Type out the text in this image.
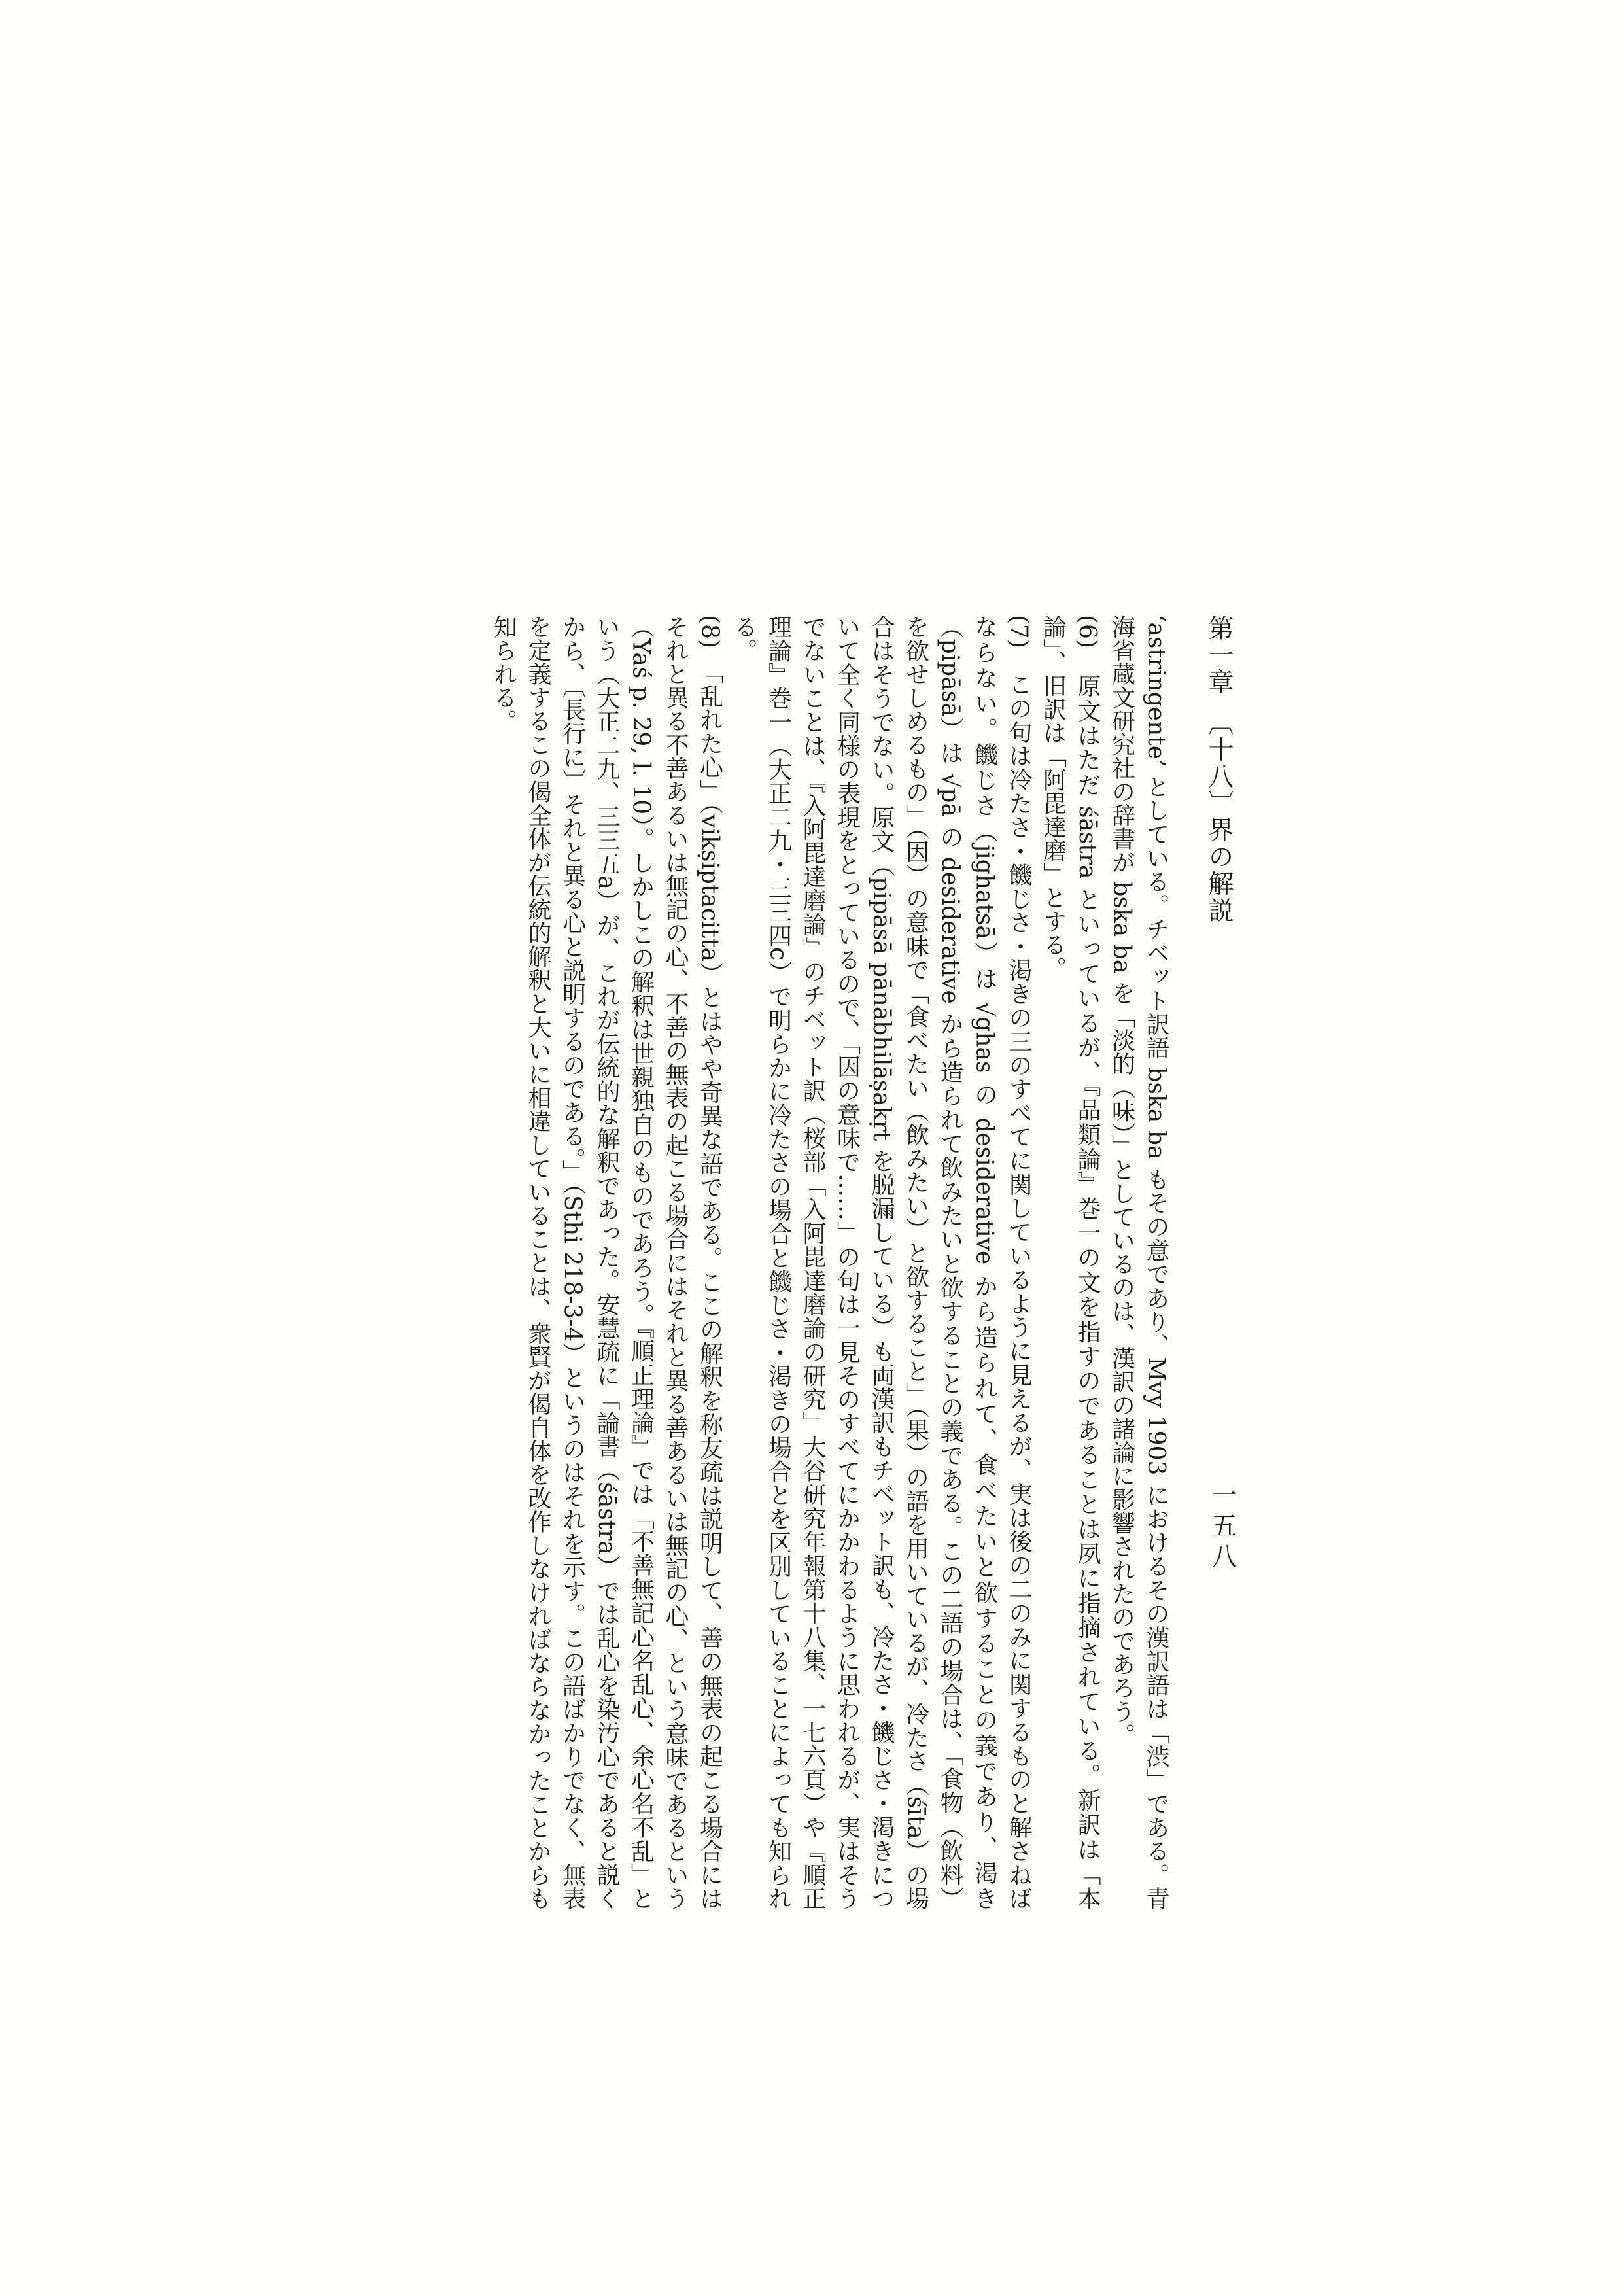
第一章　〔十八〕界の解説
一五八

‘astringente’ としている。チベット訳語 bska ba もその意であり、Mvy 1903 におけるその漢訳語は「渋」である。青海省蔵文研究社の辞書が bska ba を「淡的（味）」としているのは、漢訳の諸論に影響されたのであろう。

(6)　原文はただ śāstra といっているが、『品類論』巻一の文を指すのであることは夙に指摘されている。新訳は「本論」、旧訳は「阿毘達磨」とする。

(7)　この句は冷たさ・饑じさ・渇きの三のすべてに関しているように見えるが、実は後の二のみに関するものと解さねばならない。饑じさ（jighatsā）は √ghas の desiderative から造られて、食べたいと欲することの義であり、渇き（pipāsā）は √pā の desiderative から造られて飲みたいと欲することの義である。この二語の場合は、「食物（飲料）を欲せしめるもの」（因）の意味で「食べたい（飲みたい）と欲すること」（果）の語を用いているが、冷たさ（śīta）の場合はそうでない。原文（pipāsā pānābhilāṣakṛt を脱漏している）も両漢訳もチベット訳も、冷たさ・饑じさ・渇きについて全く同様の表現をとっているので、「因の意味で……」の句は一見そのすべてにかかわるように思われるが、実はそうでないことは、『入阿毘達磨論』のチベット訳（桜部「入阿毘達磨論の研究」大谷研究年報第十八集、一七六頁）や『順正理論』巻一（大正二九・三三四c）で明らかに冷たさの場合と饑じさ・渇きの場合とを区別していることによっても知られる。

(8)　「乱れた心」（vikṣiptacitta）とはやや奇異な語である。ここの解釈を称友疏は説明して、善の無表の起こる場合にはそれと異る不善あるいは無記の心、不善の無表の起こる場合にはそれと異る善あるいは無記の心、という意味であるという（Yaś p. 29, l. 10）。しかしこの解釈は世親独自のものであろう。『順正理論』では「不善無記心名乱心、余心名不乱」という（大正二九、三三五a）が、これが伝統的な解釈であった。安慧疏に「論書（śāstra）では乱心を染汚心であると説くから、〔長行に〕それと異る心と説明するのである。」（Sthi 218-3-4）というのはそれを示す。この語ばかりでなく、無表を定義するこの偈全体が伝統的解釈と大いに相違していることは、衆賢が偈自体を改作しなければならなかったことからも知られる。
